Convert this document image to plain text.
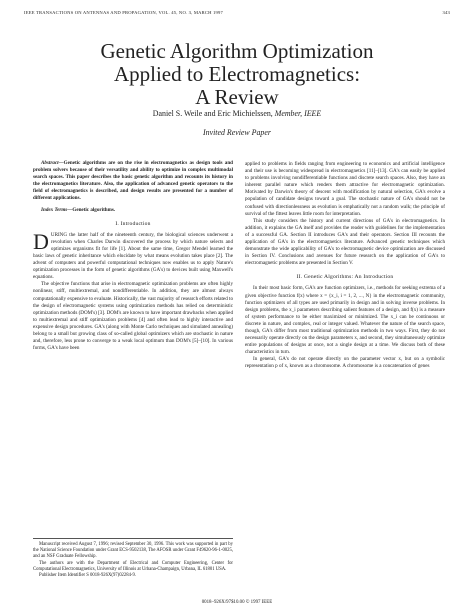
IEEE TRANSACTIONS ON ANTENNAS AND PROPAGATION, VOL. 45, NO. 3, MARCH 1997	343
Genetic Algorithm Optimization
Applied to Electromagnetics:
A Review
Daniel S. Weile and Eric Michielssen, Member, IEEE
Invited Review Paper

Abstract—Genetic algorithms are on the rise in electromagnetics as design tools and problem solvers because of their versatility and ability to optimize in complex multimodal search spaces. This paper describes the basic genetic algorithm and recounts its history in the electromagnetics literature. Also, the application of advanced genetic operators to the field of electromagnetics is described, and design results are presented for a number of different applications.

Index Terms—Genetic algorithms.

I. Introduction

DURING the latter half of the nineteenth century, the biological sciences underwent a revolution when Charles Darwin discovered the process by which nature selects and optimizes organisms fit for life [1]. About the same time, Gregor Mendel learned the basic laws of genetic inheritance which elucidate by what means evolution takes place [2]. The advent of computers and powerful computational techniques now enables us to apply Nature's optimization processes in the form of genetic algorithms (GA's) to devices built using Maxwell's equations.

The objective functions that arise in electromagnetic optimization problems are often highly nonlinear, stiff, multiextremal, and nondifferentiable. In addition, they are almost always computationally expensive to evaluate. Historically, the vast majority of research efforts related to the design of electromagnetic systems using optimization methods has relied on deterministic optimization methods (DOM's) [3]. DOM's are known to have important drawbacks when applied to multiextremal and stiff optimization problems [4] and often lead to highly interactive and expensive design procedures. GA's (along with Monte Carlo techniques and simulated annealing) belong to a small but growing class of so-called global optimizers which are stochastic in nature and, therefore, less prone to converge to a weak local optimum than DOM's [5]–[10]. In various forms, GA's have been

Manuscript received August 7, 1996; revised September 30, 1996. This work was supported in part by the National Science Foundation under Grant ECS-9502138, The AFOSR under Grant F49620-96-1-0025, and an NSF Graduate Fellowship.

The authors are with the Department of Electrical and Computer Engineering, Center for Computational Electromagnetics, University of Illinois at Urbana-Champaign, Urbana, IL 61801 USA.

Publisher Item Identifier S 0018-926X(97)02284-9.

applied to problems in fields ranging from engineering to economics and artificial intelligence and their use is becoming widespread in electromagnetics [11]–[13]. GA's can easily be applied to problems involving nondifferentiable functions and discrete search spaces. Also, they have an inherent parallel nature which renders them attractive for electromagnetic optimization. Motivated by Darwin's theory of descent with modification by natural selection, GA's evolve a population of candidate designs toward a goal. The stochastic nature of GA's should not be confused with directionlessness as evolution is emphatically not a random walk; the principle of survival of the fittest leaves little room for interpretation.

This study considers the history and current directions of GA's in electromagnetics. In addition, it explains the GA itself and provides the reader with guidelines for the implementation of a successful GA. Section II introduces GA's and their operators. Section III recounts the application of GA's in the electromagnetics literature. Advanced genetic techniques which demonstrate the wide applicability of GA's to electromagnetic device optimization are discussed in Section IV. Conclusions and avenues for future research on the application of GA's to electromagnetic problems are presented in Section V.

II. Genetic Algorithms: An Introduction

In their most basic form, GA's are function optimizers, i.e., methods for seeking extrema of a given objective function f(x) where x = {x_i, i = 1, 2, ..., N} in the electromagnetic community, function optimizers of all types are used primarily in design and in solving inverse problems. In design problems, the x_i parameters describing salient features of a design, and f(x) is a measure of system performance to be either maximized or minimized. The x_i can be continuous or discrete in nature, and complex, real or integer valued. Whatever the nature of the search space, though, GA's differ from most traditional optimization methods in two ways. First, they do not necessarily operate directly on the design parameters x, and second, they simultaneously optimize entire populations of designs at once, not a single design at a time. We discuss both of these characteristics in turn.

In general, GA's do not operate directly on the parameter vector x, but on a symbolic representation p of x, known as a chromosome. A chromosome is a concatenation of genes

0018–926X/97$10.00 © 1997 IEEE
